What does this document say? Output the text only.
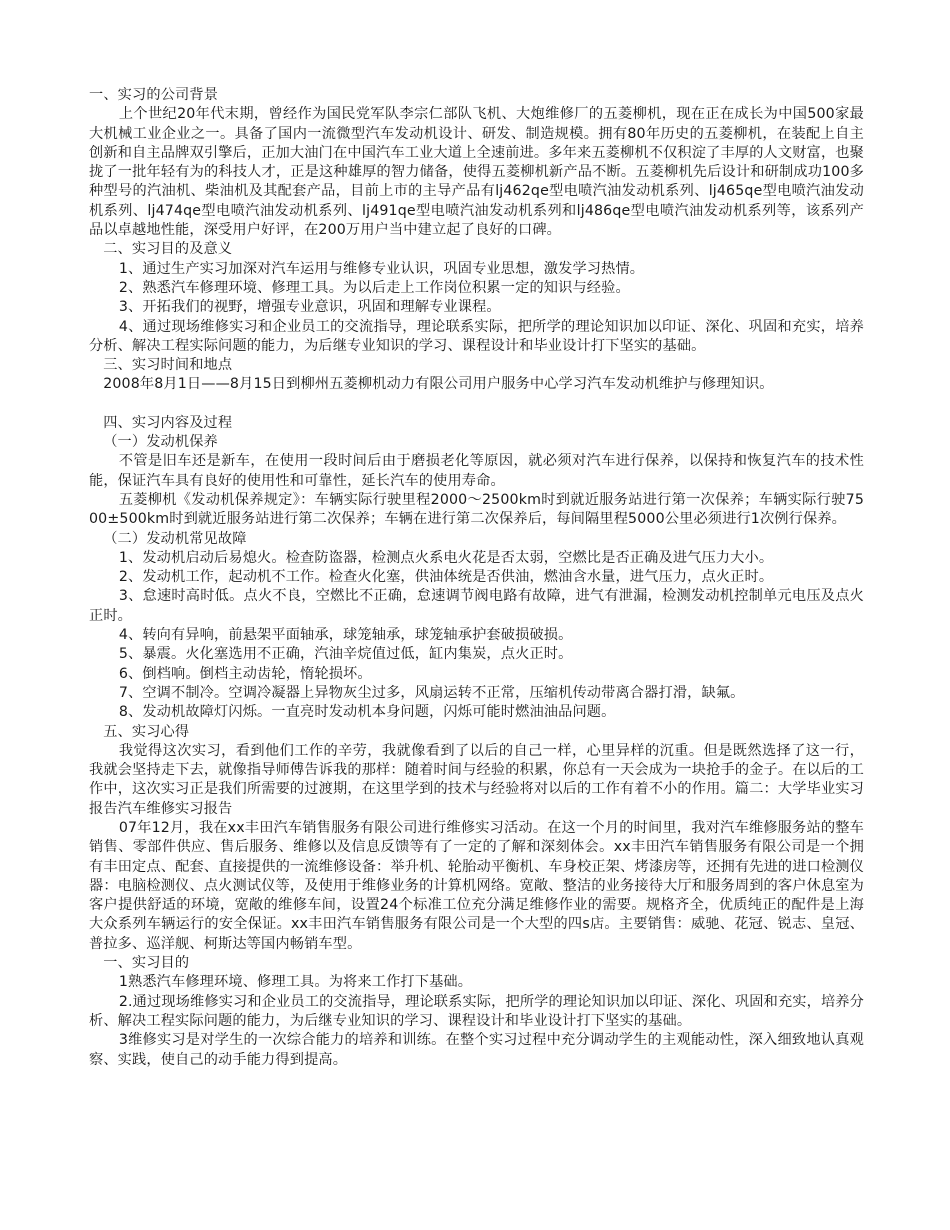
一、实习的公司背景

上个世纪20年代末期，曾经作为国民党军队李宗仁部队飞机、大炮维修厂的五菱柳机，现在正在成长为中国500家最大机械工业企业之一。具备了国内一流微型汽车发动机设计、研发、制造规模。拥有80年历史的五菱柳机，在装配上自主创新和自主品牌双引擎后，正加大油门在中国汽车工业大道上全速前进。多年来五菱柳机不仅积淀了丰厚的人文财富，也聚拢了一批年轻有为的科技人才，正是这种雄厚的智力储备，使得五菱柳机新产品不断。五菱柳机先后设计和研制成功100多种型号的汽油机、柴油机及其配套产品，目前上市的主导产品有lj462qe型电喷汽油发动机系列、lj465qe型电喷汽油发动机系列、lj474qe型电喷汽油发动机系列、lj491qe型电喷汽油发动机系列和lj486qe型电喷汽油发动机系列等，该系列产品以卓越地性能，深受用户好评，在200万用户当中建立起了良好的口碑。

二、实习目的及意义

1、通过生产实习加深对汽车运用与维修专业认识，巩固专业思想，激发学习热情。

2、熟悉汽车修理环境、修理工具。为以后走上工作岗位积累一定的知识与经验。

3、开拓我们的视野，增强专业意识，巩固和理解专业课程。

4、通过现场维修实习和企业员工的交流指导，理论联系实际，把所学的理论知识加以印证、深化、巩固和充实，培养分析、解决工程实际问题的能力，为后继专业知识的学习、课程设计和毕业设计打下坚实的基础。

三、实习时间和地点

2008年8月1日——8月15日到柳州五菱柳机动力有限公司用户服务中心学习汽车发动机维护与修理知识。

四、实习内容及过程

（一）发动机保养

不管是旧车还是新车，在使用一段时间后由于磨损老化等原因，就必须对汽车进行保养，以保持和恢复汽车的技术性能，保证汽车具有良好的使用性和可靠性，延长汽车的使用寿命。

五菱柳机《发动机保养规定》：车辆实际行驶里程2000～2500km时到就近服务站进行第一次保养；车辆实际行驶7500±500km时到就近服务站进行第二次保养；车辆在进行第二次保养后，每间隔里程5000公里必须进行1次例行保养。

（二）发动机常见故障

1、发动机启动后易熄火。检查防盗器，检测点火系电火花是否太弱，空燃比是否正确及进气压力大小。

2、发动机工作，起动机不工作。检查火化塞，供油体统是否供油，燃油含水量，进气压力，点火正时。

3、怠速时高时低。点火不良，空燃比不正确，怠速调节阀电路有故障，进气有泄漏，检测发动机控制单元电压及点火正时。

4、转向有异响，前悬架平面轴承，球笼轴承，球笼轴承护套破损破损。

5、暴震。火化塞选用不正确，汽油辛烷值过低，缸内集炭，点火正时。

6、倒档响。倒档主动齿轮，惰轮损坏。

7、空调不制冷。空调冷凝器上异物灰尘过多，风扇运转不正常，压缩机传动带离合器打滑，缺氟。

8、发动机故障灯闪烁。一直亮时发动机本身问题，闪烁可能时燃油油品问题。

五、实习心得

我觉得这次实习，看到他们工作的辛劳，我就像看到了以后的自己一样，心里异样的沉重。但是既然选择了这一行，我就会坚持走下去，就像指导师傅告诉我的那样：随着时间与经验的积累，你总有一天会成为一块抢手的金子。在以后的工作中，这次实习正是我们所需要的过渡期，在这里学到的技术与经验将对以后的工作有着不小的作用。篇二：大学毕业实习报告汽车维修实习报告

07年12月，我在xx丰田汽车销售服务有限公司进行维修实习活动。在这一个月的时间里，我对汽车维修服务站的整车销售、零部件供应、售后服务、维修以及信息反馈等有了一定的了解和深刻体会。xx丰田汽车销售服务有限公司是一个拥有丰田定点、配套、直接提供的一流维修设备：举升机、轮胎动平衡机、车身校正架、烤漆房等，还拥有先进的进口检测仪器：电脑检测仪、点火测试仪等，及使用于维修业务的计算机网络。宽敞、整洁的业务接待大厅和服务周到的客户休息室为客户提供舒适的环境，宽敞的维修车间，设置24个标准工位充分满足维修作业的需要。规格齐全，优质纯正的配件是上海大众系列车辆运行的安全保证。xx丰田汽车销售服务有限公司是一个大型的四s店。主要销售：威驰、花冠、锐志、皇冠、普拉多、巡洋舰、柯斯达等国内畅销车型。

一、实习目的

1熟悉汽车修理环境、修理工具。为将来工作打下基础。

2.通过现场维修实习和企业员工的交流指导，理论联系实际，把所学的理论知识加以印证、深化、巩固和充实，培养分析、解决工程实际问题的能力，为后继专业知识的学习、课程设计和毕业设计打下坚实的基础。

3维修实习是对学生的一次综合能力的培养和训练。在整个实习过程中充分调动学生的主观能动性，深入细致地认真观察、实践，使自己的动手能力得到提高。
